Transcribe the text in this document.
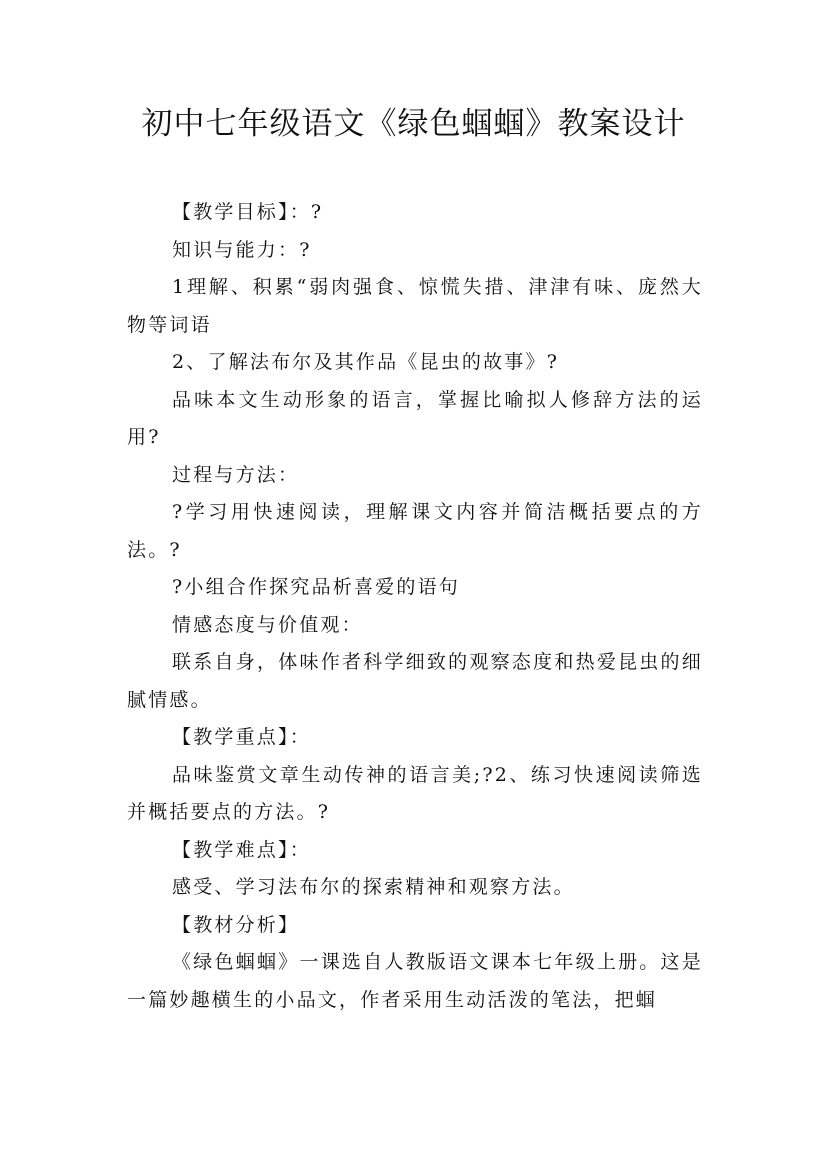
初中七年级语文《绿色蝈蝈》教案设计

【教学目标】：?

知识与能力：?

1理解、积累“弱肉强食、惊慌失措、津津有味、庞然大物等词语

2、了解法布尔及其作品《昆虫的故事》?

品味本文生动形象的语言，掌握比喻拟人修辞方法的运用?

过程与方法：

?学习用快速阅读，理解课文内容并简洁概括要点的方法。?

?小组合作探究品析喜爱的语句

情感态度与价值观：

联系自身，体味作者科学细致的观察态度和热爱昆虫的细腻情感。

【教学重点】：

品味鉴赏文章生动传神的语言美;?2、练习快速阅读筛选并概括要点的方法。?

【教学难点】：

感受、学习法布尔的探索精神和观察方法。

【教材分析】

《绿色蝈蝈》一课选自人教版语文课本七年级上册。这是一篇妙趣横生的小品文，作者采用生动活泼的笔法，把蝈
